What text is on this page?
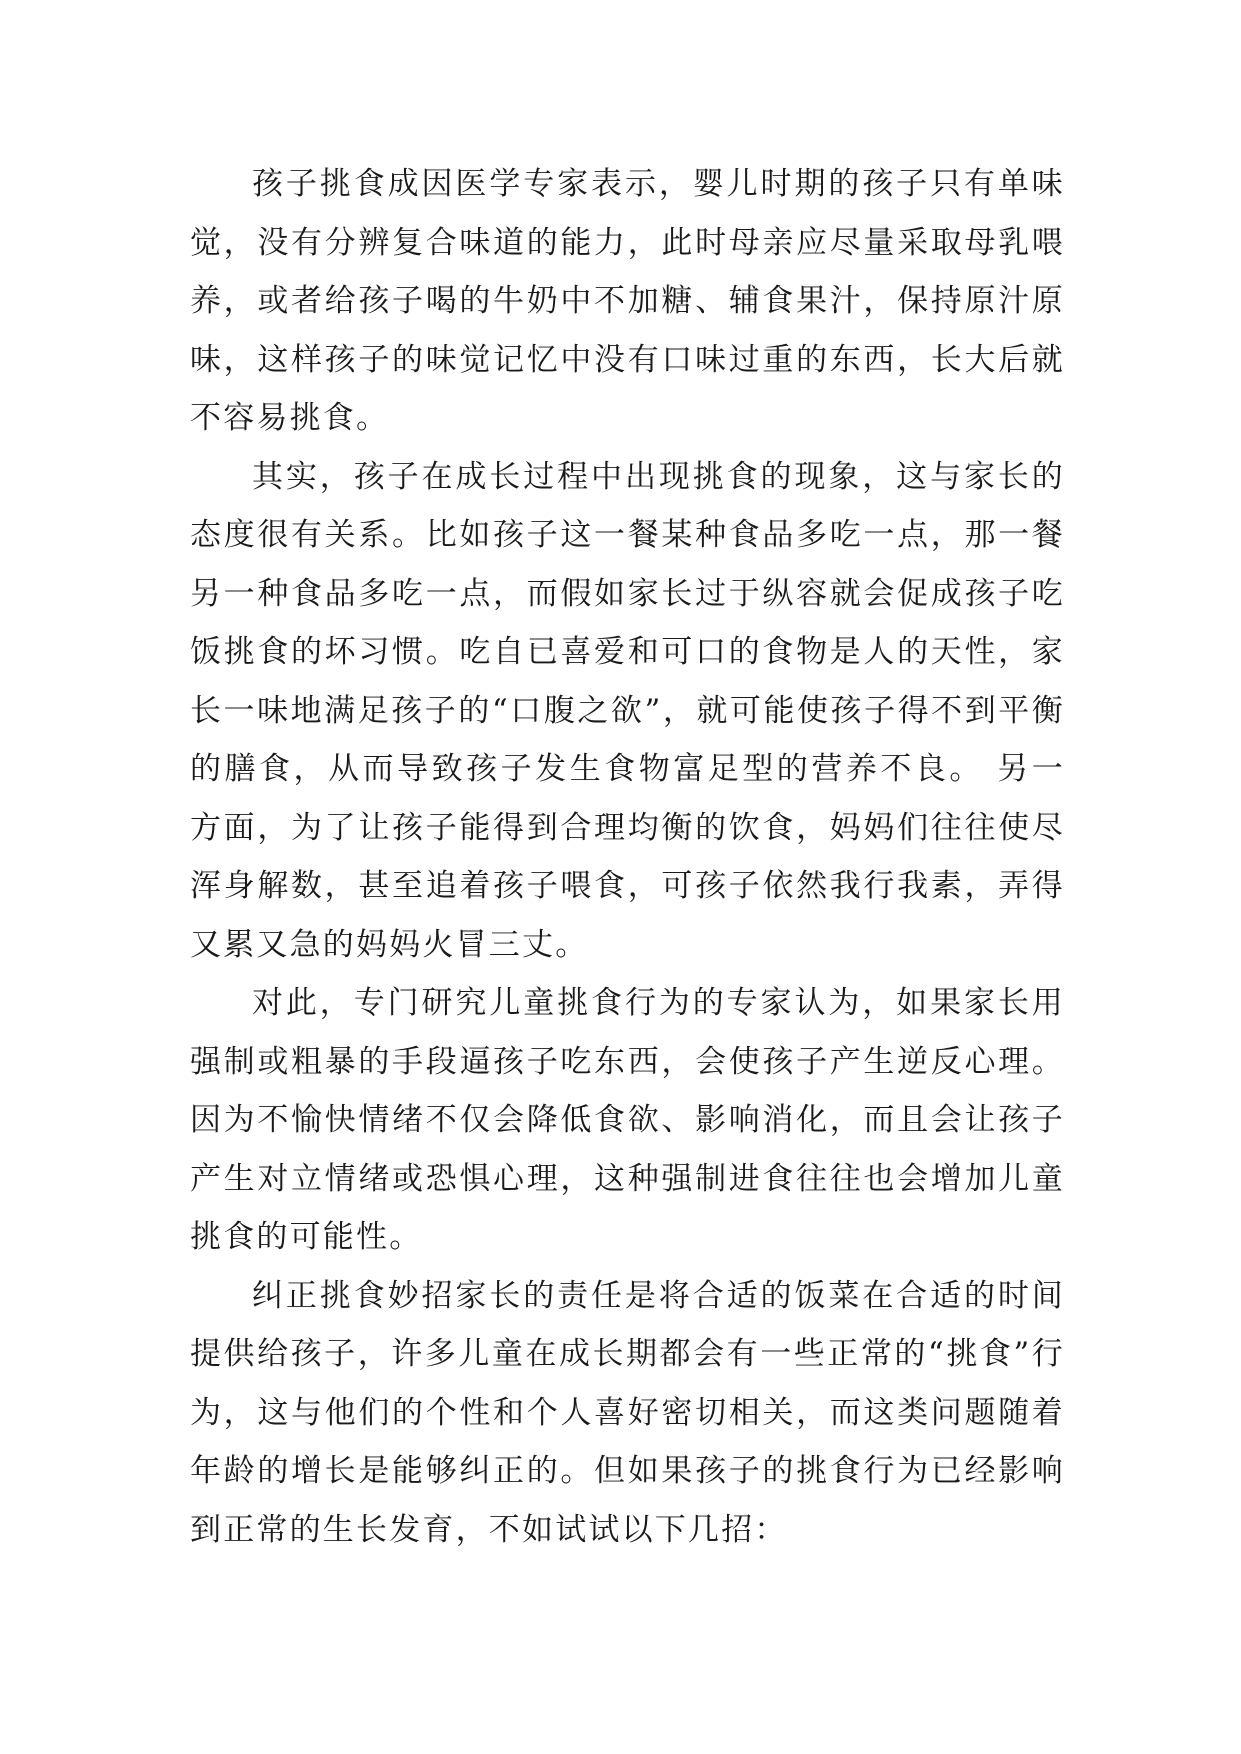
孩子挑食成因医学专家表示，婴儿时期的孩子只有单味觉，没有分辨复合味道的能力，此时母亲应尽量采取母乳喂养，或者给孩子喝的牛奶中不加糖、辅食果汁，保持原汁原味，这样孩子的味觉记忆中没有口味过重的东西，长大后就不容易挑食。

其实，孩子在成长过程中出现挑食的现象，这与家长的态度很有关系。比如孩子这一餐某种食品多吃一点，那一餐另一种食品多吃一点，而假如家长过于纵容就会促成孩子吃饭挑食的坏习惯。吃自已喜爱和可口的食物是人的天性，家长一味地满足孩子的“口腹之欲”，就可能使孩子得不到平衡的膳食，从而导致孩子发生食物富足型的营养不良。 另一方面，为了让孩子能得到合理均衡的饮食，妈妈们往往使尽浑身解数，甚至追着孩子喂食，可孩子依然我行我素，弄得又累又急的妈妈火冒三丈。

对此，专门研究儿童挑食行为的专家认为，如果家长用强制或粗暴的手段逼孩子吃东西，会使孩子产生逆反心理。因为不愉快情绪不仅会降低食欲、影响消化，而且会让孩子产生对立情绪或恐惧心理，这种强制进食往往也会增加儿童挑食的可能性。

纠正挑食妙招家长的责任是将合适的饭菜在合适的时间提供给孩子，许多儿童在成长期都会有一些正常的“挑食”行为，这与他们的个性和个人喜好密切相关，而这类问题随着年龄的增长是能够纠正的。但如果孩子的挑食行为已经影响到正常的生长发育，不如试试以下几招：
